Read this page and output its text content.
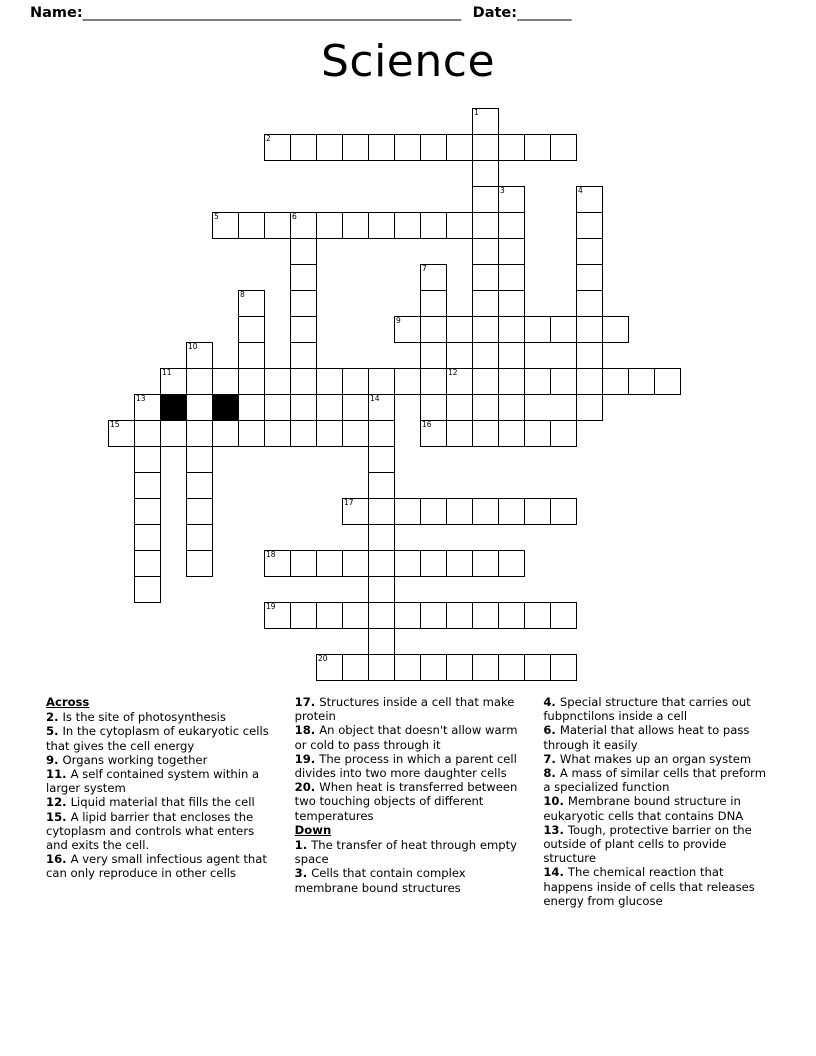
Name: ________________________________________________________ Date: ________
Science
1
2
3	4
5	6
7
8
9
10
11	12
13	14
15	16
17
18
19
20
Across
2. Is the site of photosynthesis
5. In the cytoplasm of eukaryotic cells that gives the cell energy
9. Organs working together
11. A self contained system within a larger system
12. Liquid material that fills the cell
15. A lipid barrier that encloses the cytoplasm and controls what enters and exits the cell.
16. A very small infectious agent that can only reproduce in other cells
17. Structures inside a cell that make protein
18. An object that doesn't allow warm or cold to pass through it
19. The process in which a parent cell divides into two more daughter cells
20. When heat is transferred between two touching objects of different temperatures
Down
1. The transfer of heat through empty space
3. Cells that contain complex membrane bound structures
4. Special structure that carries out fubpnctilons inside a cell
6. Material that allows heat to pass through it easily
7. What makes up an organ system
8. A mass of similar cells that preform a specialized function
10. Membrane bound structure in eukaryotic cells that contains DNA
13. Tough, protective barrier on the outside of plant cells to provide structure
14. The chemical reaction that happens inside of cells that releases energy from glucose
